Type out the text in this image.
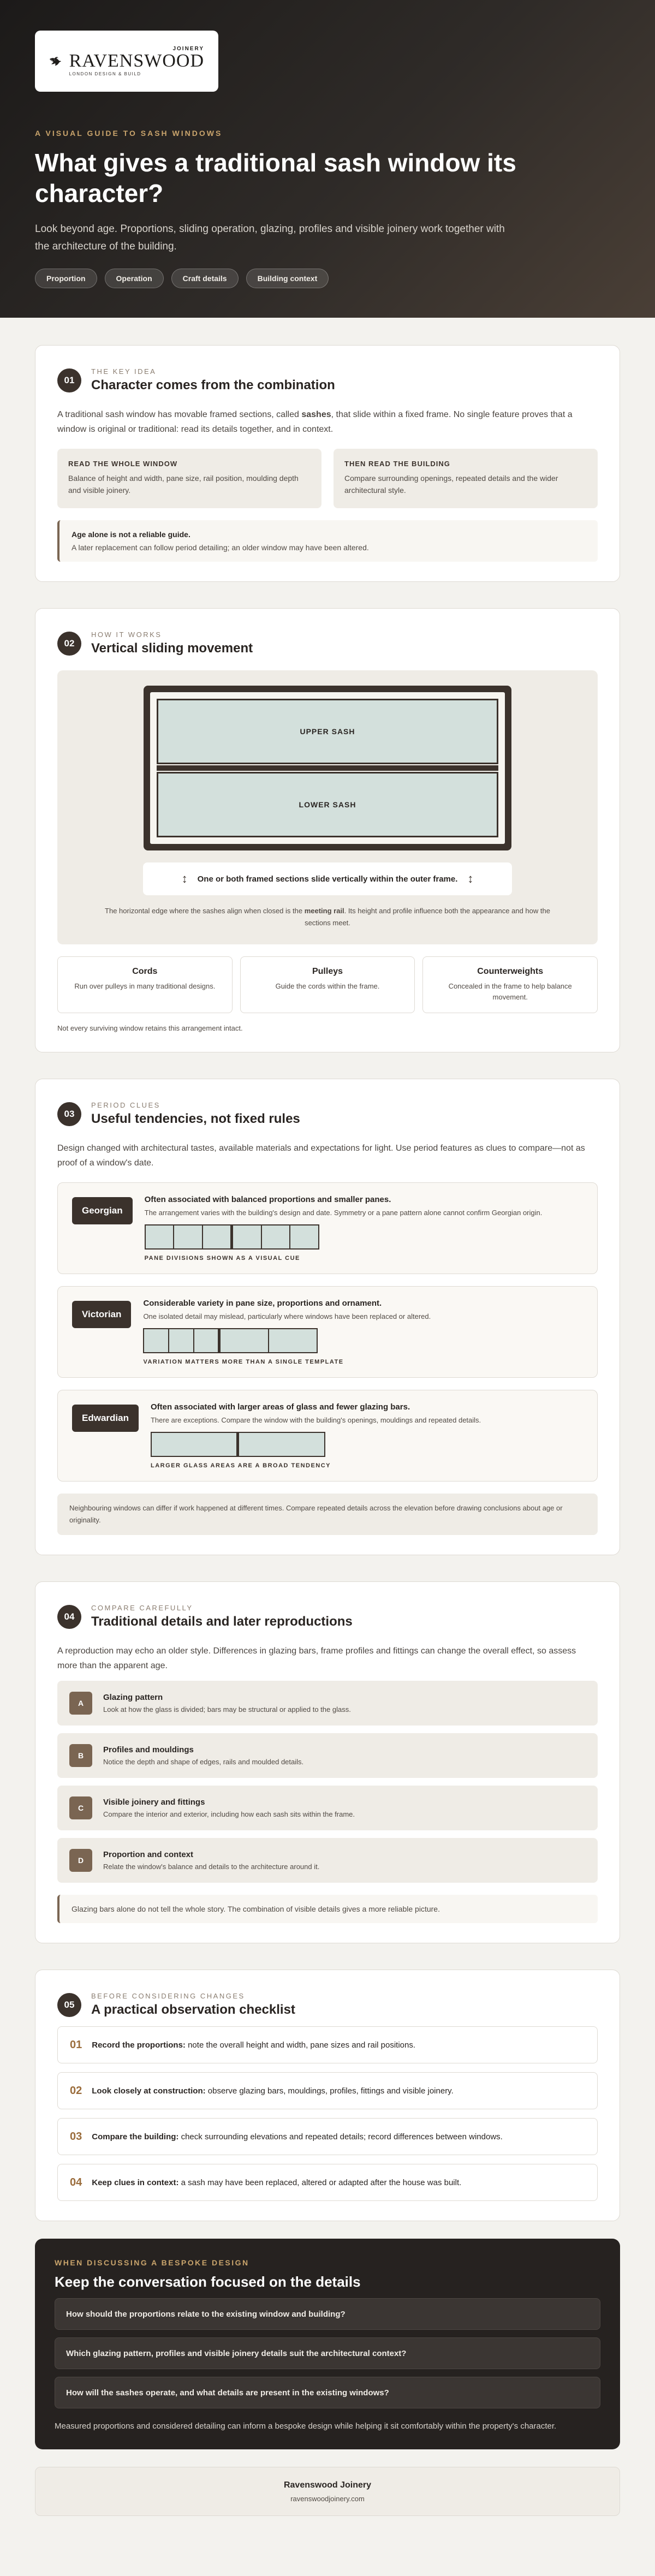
JOINERY
RAVENSWOOD
LONDON DESIGN & BUILD
A VISUAL GUIDE TO SASH WINDOWS
What gives a traditional sash window its character?

Look beyond age. Proportions, sliding operation, glazing, profiles and visible joinery work together with the architecture of the building.

Proportion	Operation	Craft details	Building context
01
THE KEY IDEA
Character comes from the combination

A traditional sash window has movable framed sections, called sashes, that slide within a fixed frame. No single feature proves that a window is original or traditional: read its details together, and in context.

READ THE WHOLE WINDOW

Balance of height and width, pane size, rail position, moulding depth and visible joinery.

THEN READ THE BUILDING

Compare surrounding openings, repeated details and the wider architectural style.

Age alone is not a reliable guide.
A later replacement can follow period detailing; an older window may have been altered.
02
HOW IT WORKS
Vertical sliding movement
UPPER SASH
LOWER SASH
↕ One or both framed sections slide vertically within the outer frame. ↕

The horizontal edge where the sashes align when closed is the meeting rail. Its height and profile influence both the appearance and how the sections meet.

Cords

Run over pulleys in many traditional designs.

Pulleys

Guide the cords within the frame.

Counterweights

Concealed in the frame to help balance movement.

Not every surviving window retains this arrangement intact.

03
PERIOD CLUES
Useful tendencies, not fixed rules

Design changed with architectural tastes, available materials and expectations for light. Use period features as clues to compare—not as proof of a window's date.

Georgian
Often associated with balanced proportions and smaller panes.

The arrangement varies with the building's design and date. Symmetry or a pane pattern alone cannot confirm Georgian origin.

PANE DIVISIONS SHOWN AS A VISUAL CUE
Victorian
Considerable variety in pane size, proportions and ornament.

One isolated detail may mislead, particularly where windows have been replaced or altered.

VARIATION MATTERS MORE THAN A SINGLE TEMPLATE
Edwardian
Often associated with larger areas of glass and fewer glazing bars.

There are exceptions. Compare the window with the building's openings, mouldings and repeated details.

LARGER GLASS AREAS ARE A BROAD TENDENCY
Neighbouring windows can differ if work happened at different times. Compare repeated details across the elevation before drawing conclusions about age or originality.
04
COMPARE CAREFULLY
Traditional details and later reproductions

A reproduction may echo an older style. Differences in glazing bars, frame profiles and fittings can change the overall effect, so assess more than the apparent age.

A
Glazing pattern

Look at how the glass is divided; bars may be structural or applied to the glass.

B
Profiles and mouldings

Notice the depth and shape of edges, rails and moulded details.

C
Visible joinery and fittings

Compare the interior and exterior, including how each sash sits within the frame.

D
Proportion and context

Relate the window's balance and details to the architecture around it.

Glazing bars alone do not tell the whole story. The combination of visible details gives a more reliable picture.
05
BEFORE CONSIDERING CHANGES
A practical observation checklist
01 Record the proportions: note the overall height and width, pane sizes and rail positions.
02 Look closely at construction: observe glazing bars, mouldings, profiles, fittings and visible joinery.
03 Compare the building: check surrounding elevations and repeated details; record differences between windows.
04 Keep clues in context: a sash may have been replaced, altered or adapted after the house was built.
WHEN DISCUSSING A BESPOKE DESIGN
Keep the conversation focused on the details
How should the proportions relate to the existing window and building?
Which glazing pattern, profiles and visible joinery details suit the architectural context?
How will the sashes operate, and what details are present in the existing windows?

Measured proportions and considered detailing can inform a bespoke design while helping it sit comfortably within the property's character.

Ravenswood Joinery
ravenswoodjoinery.com
